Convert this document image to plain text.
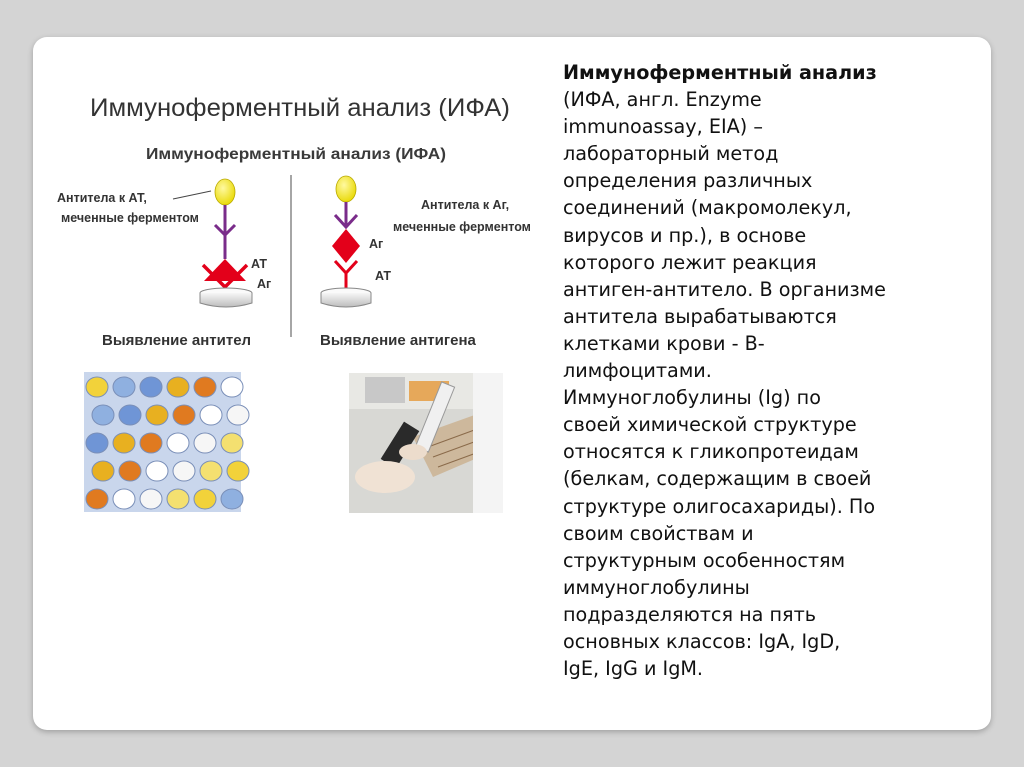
Иммуноферментный анализ (ИФА)
Иммуноферментный анализ (ИФА)
Антитела к АТ,
меченные ферментом
АТ
Аг
Выявление антител
Антитела к Аг,
меченные ферментом
Аг
АТ
Выявление антигена
Иммуноферментный анализ
(ИФА, англ. Enzyme
immunoassay, EIA) –
лабораторный метод
определения различных
соединений (макромолекул,
вирусов и пр.), в основе
которого лежит реакция
антиген-антитело. В организме
антитела вырабатываются
клетками крови - В-
лимфоцитами.
Иммуноглобулины (Ig) по
своей химической структуре
относятся к гликопротеидам
(белкам, содержащим в своей
структуре олигосахариды). По
своим свойствам и
структурным особенностям
иммуноглобулины
подразделяются на пять
основных классов: IgA, IgD,
IgE, IgG и IgM.
